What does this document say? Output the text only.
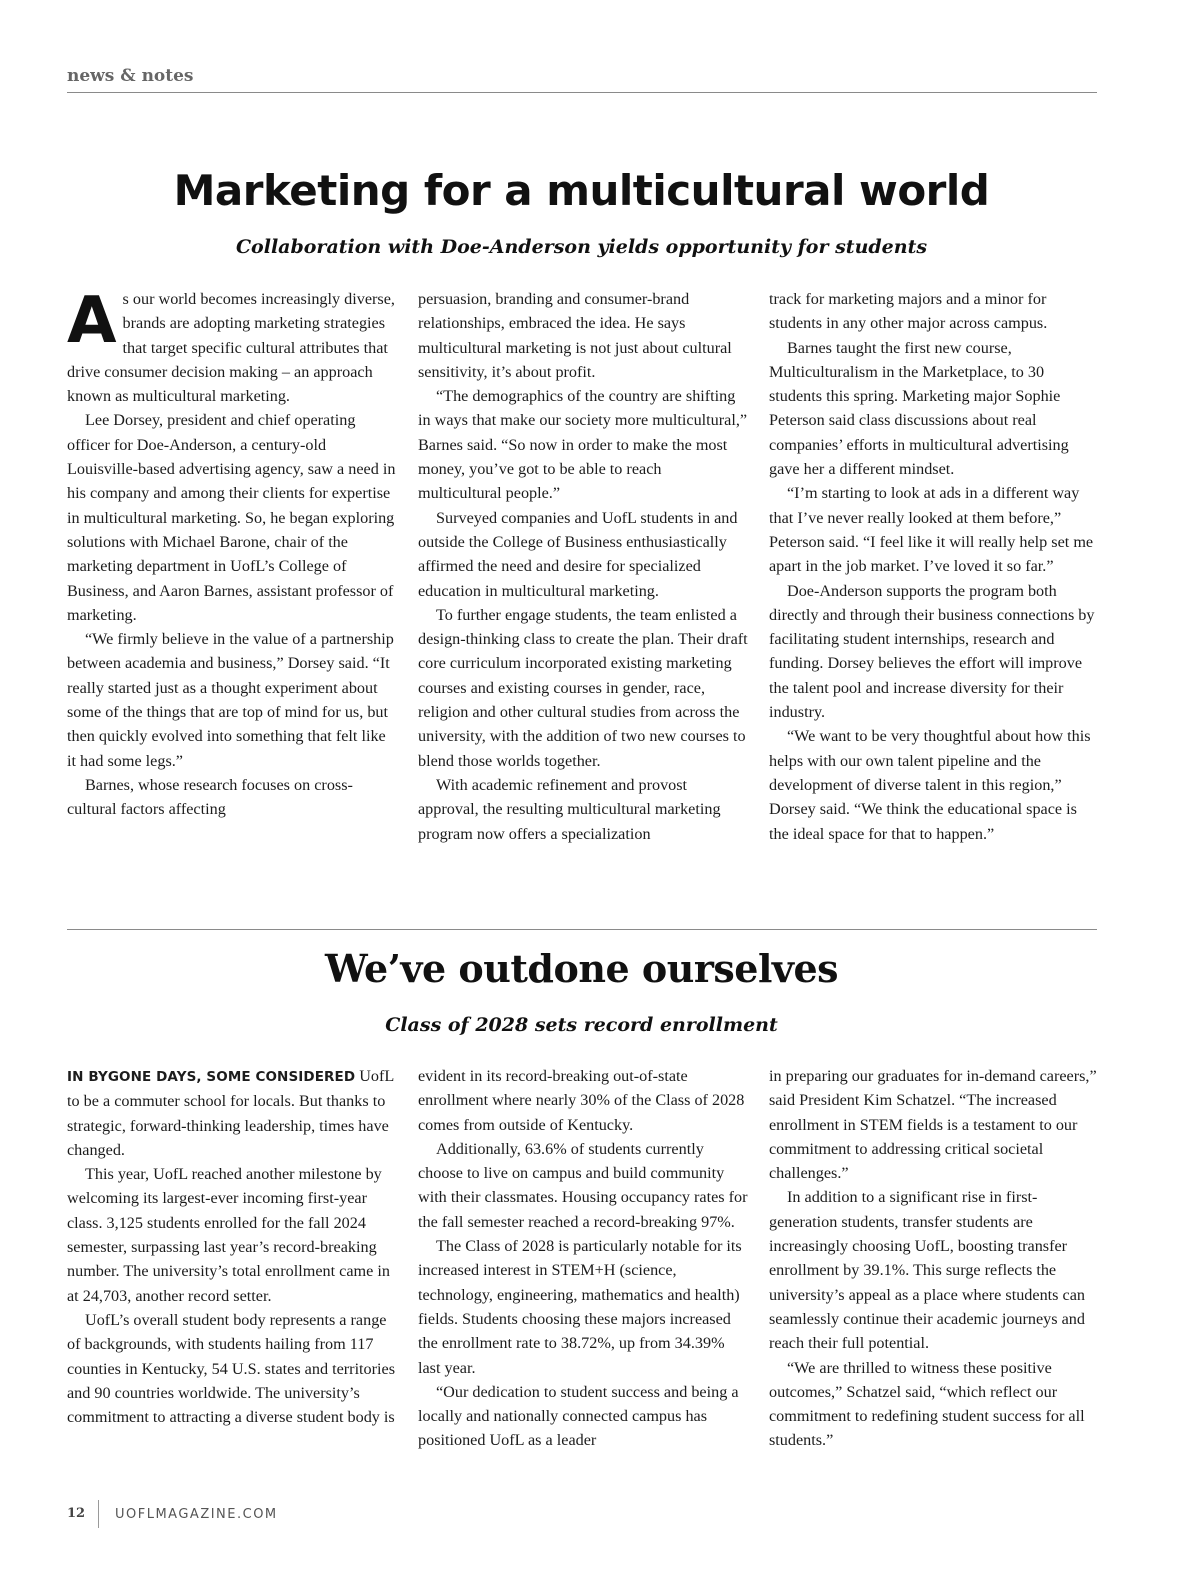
news & notes
Marketing for a multicultural world
Collaboration with Doe-Anderson yields opportunity for students

As our world becomes increasingly diverse, brands are adopting marketing strategies that target specific cultural attributes that drive consumer decision making – an approach known as multicultural marketing.

Lee Dorsey, president and chief operating officer for Doe-Anderson, a century-old Louisville-based advertising agency, saw a need in his company and among their clients for expertise in multicultural marketing. So, he began exploring solutions with Michael Barone, chair of the marketing department in UofL’s College of Business, and Aaron Barnes, assistant professor of marketing.

“We firmly believe in the value of a partnership between academia and business,” Dorsey said. “It really started just as a thought experiment about some of the things that are top of mind for us, but then quickly evolved into something that felt like it had some legs.”

Barnes, whose research focuses on cross-cultural factors affecting

persuasion, branding and consumer-brand relationships, embraced the idea. He says multicultural marketing is not just about cultural sensitivity, it’s about profit.

“The demographics of the country are shifting in ways that make our society more multicultural,” Barnes said. “So now in order to make the most money, you’ve got to be able to reach multicultural people.”

Surveyed companies and UofL students in and outside the College of Business enthusiastically affirmed the need and desire for specialized education in multicultural marketing.

To further engage students, the team enlisted a design-thinking class to create the plan. Their draft core curriculum incorporated existing marketing courses and existing courses in gender, race, religion and other cultural studies from across the university, with the addition of two new courses to blend those worlds together.

With academic refinement and provost approval, the resulting multicultural marketing program now offers a specialization

track for marketing majors and a minor for students in any other major across campus.

Barnes taught the first new course, Multiculturalism in the Marketplace, to 30 students this spring. Marketing major Sophie Peterson said class discussions about real companies’ efforts in multicultural advertising gave her a different mindset.

“I’m starting to look at ads in a different way that I’ve never really looked at them before,” Peterson said. “I feel like it will really help set me apart in the job market. I’ve loved it so far.”

Doe-Anderson supports the program both directly and through their business connections by facilitating student internships, research and funding. Dorsey believes the effort will improve the talent pool and increase diversity for their industry.

“We want to be very thoughtful about how this helps with our own talent pipeline and the development of diverse talent in this region,” Dorsey said. “We think the educational space is the ideal space for that to happen.”

We’ve outdone ourselves
Class of 2028 sets record enrollment

IN BYGONE DAYS, SOME CONSIDERED UofL to be a commuter school for locals. But thanks to strategic, forward-thinking leadership, times have changed.

This year, UofL reached another milestone by welcoming its largest-ever incoming first-year class. 3,125 students enrolled for the fall 2024 semester, surpassing last year’s record-breaking number. The university’s total enrollment came in at 24,703, another record setter.

UofL’s overall student body represents a range of backgrounds, with students hailing from 117 counties in Kentucky, 54 U.S. states and territories and 90 countries worldwide. The university’s commitment to attracting a diverse student body is

evident in its record-breaking out-of-state enrollment where nearly 30% of the Class of 2028 comes from outside of Kentucky.

Additionally, 63.6% of students currently choose to live on campus and build community with their classmates. Housing occupancy rates for the fall semester reached a record-breaking 97%.

The Class of 2028 is particularly notable for its increased interest in STEM+H (science, technology, engineering, mathematics and health) fields. Students choosing these majors increased the enrollment rate to 38.72%, up from 34.39% last year.

“Our dedication to student success and being a locally and nationally connected campus has positioned UofL as a leader

in preparing our graduates for in-demand careers,” said President Kim Schatzel. “The increased enrollment in STEM fields is a testament to our commitment to addressing critical societal challenges.”

In addition to a significant rise in first-generation students, transfer students are increasingly choosing UofL, boosting transfer enrollment by 39.1%. This surge reflects the university’s appeal as a place where students can seamlessly continue their academic journeys and reach their full potential.

“We are thrilled to witness these positive outcomes,” Schatzel said, “which reflect our commitment to redefining student success for all students.”

12 UOFLMAGAZINE.COM
